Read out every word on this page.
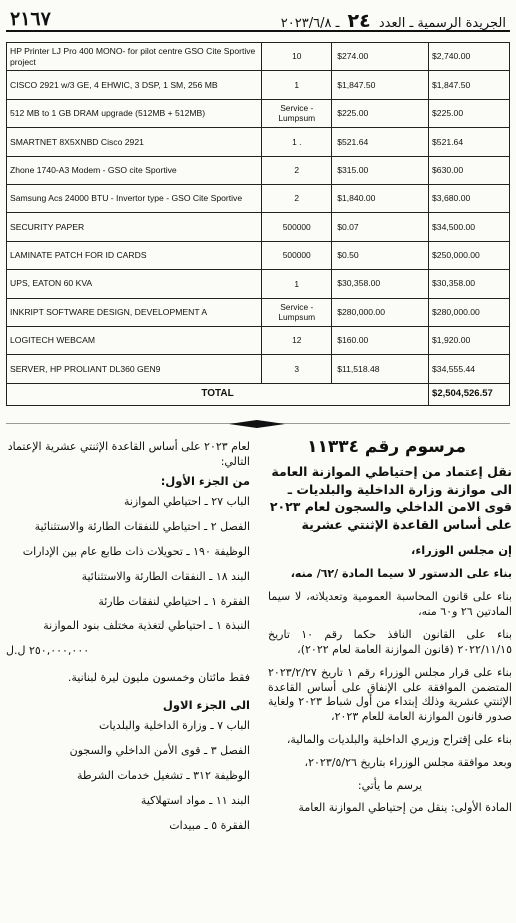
٢١٦٧	الجريدة الرسمية ـ العدد ٢٤ ـ ٢٠٢٣/٦/٨
HP Printer LJ Pro 400 MONO- for pilot centre GSO Cite Sportive project	10	$274.00	$2,740.00
CISCO 2921 w/3 GE, 4 EHWIC, 3 DSP, 1 SM, 256 MB	1	$1,847.50	$1,847.50
512 MB to 1 GB DRAM upgrade (512MB + 512MB)	Service - Lumpsum	$225.00	$225.00
SMARTNET 8X5XNBD Cisco 2921	1 .	$521.64	$521.64
Zhone 1740-A3 Modem - GSO cite Sportive	2	$315.00	$630.00
Samsung Acs 24000 BTU - Invertor type - GSO Cite Sportive	2	$1,840.00	$3,680.00
SECURITY PAPER	500000	$0.07	$34,500.00
LAMINATE PATCH FOR ID CARDS	500000	$0.50	$250,000.00
UPS, EATON 60 KVA	1	$30,358.00	$30,358.00
INKRIPT SOFTWARE DESIGN, DEVELOPMENT A	Service - Lumpsum	$280,000.00	$280,000.00
LOGITECH WEBCAM	12	$160.00	$1,920.00
SERVER, HP PROLIANT DL360 GEN9	3	$11,518.48	$34,555.44
TOTAL			$2,504,526.57

مرسوم رقم ١١٣٣٤

نقل إعتماد من إحتياطي الموازنة العامة الى موازنة وزارة الداخلية والبلديات ـ قوى الامن الداخلي والسجون لعام ٢٠٢٣ على أساس القاعدة الإثنتي عشرية

إن مجلس الوزراء،

بناء على الدستور لا سيما المادة /٦٢/ منه،

بناء على قانون المحاسبة العمومية وتعديلاته، لا سيما المادتين ٢٦ و٦٠ منه،

بناء على القانون النافذ حكما رقم ١٠ تاريخ ٢٠٢٢/١١/١٥ (قانون الموازنة العامة لعام ٢٠٢٢)،

بناء على قرار مجلس الوزراء رقم ١ تاريخ ٢٠٢٣/٢/٢٧ المتضمن الموافقة على الإنفاق على أساس القاعدة الإثنتي عشرية وذلك إبتداء من أول شباط ٢٠٢٣ ولغاية صدور قانون الموازنة العامة للعام ٢٠٢٣،

بناء على إقتراح وزيري الداخلية والبلديات والمالية،

وبعد موافقة مجلس الوزراء بتاريخ ٢٠٢٣/٥/٢٦،

يرسم ما يأتي:

المادة الأولى: ينقل من إحتياطي الموازنة العامة

لعام ٢٠٢٣ على أساس القاعدة الإثنتي عشرية الإعتماد التالي:

من الجزء الأول:

الباب ٢٧ ـ احتياطي الموازنة

الفصل ٢ ـ احتياطي للنفقات الطارئة والاستثنائية

الوظيفة ١٩٠ ـ تحويلات ذات طابع عام بين الإدارات

البند ١٨ ـ النفقات الطارئة والاستثنائية

الفقرة ١ ـ احتياطي لنفقات طارئة

النبذة ١ ـ احتياطي لتغذية مختلف بنود الموازنة

٢٥٠,٠٠٠,٠٠٠ ل.ل

فقط مائتان وخمسون مليون ليرة لبنانية.

الى الجزء الاول

الباب ٧ ـ وزارة الداخلية والبلديات

الفصل ٣ ـ قوى الأمن الداخلي والسجون

الوظيفة ٣١٢ ـ تشغيل خدمات الشرطة

البند ١١ ـ مواد استهلاكية

الفقرة ٥ ـ مبيدات
